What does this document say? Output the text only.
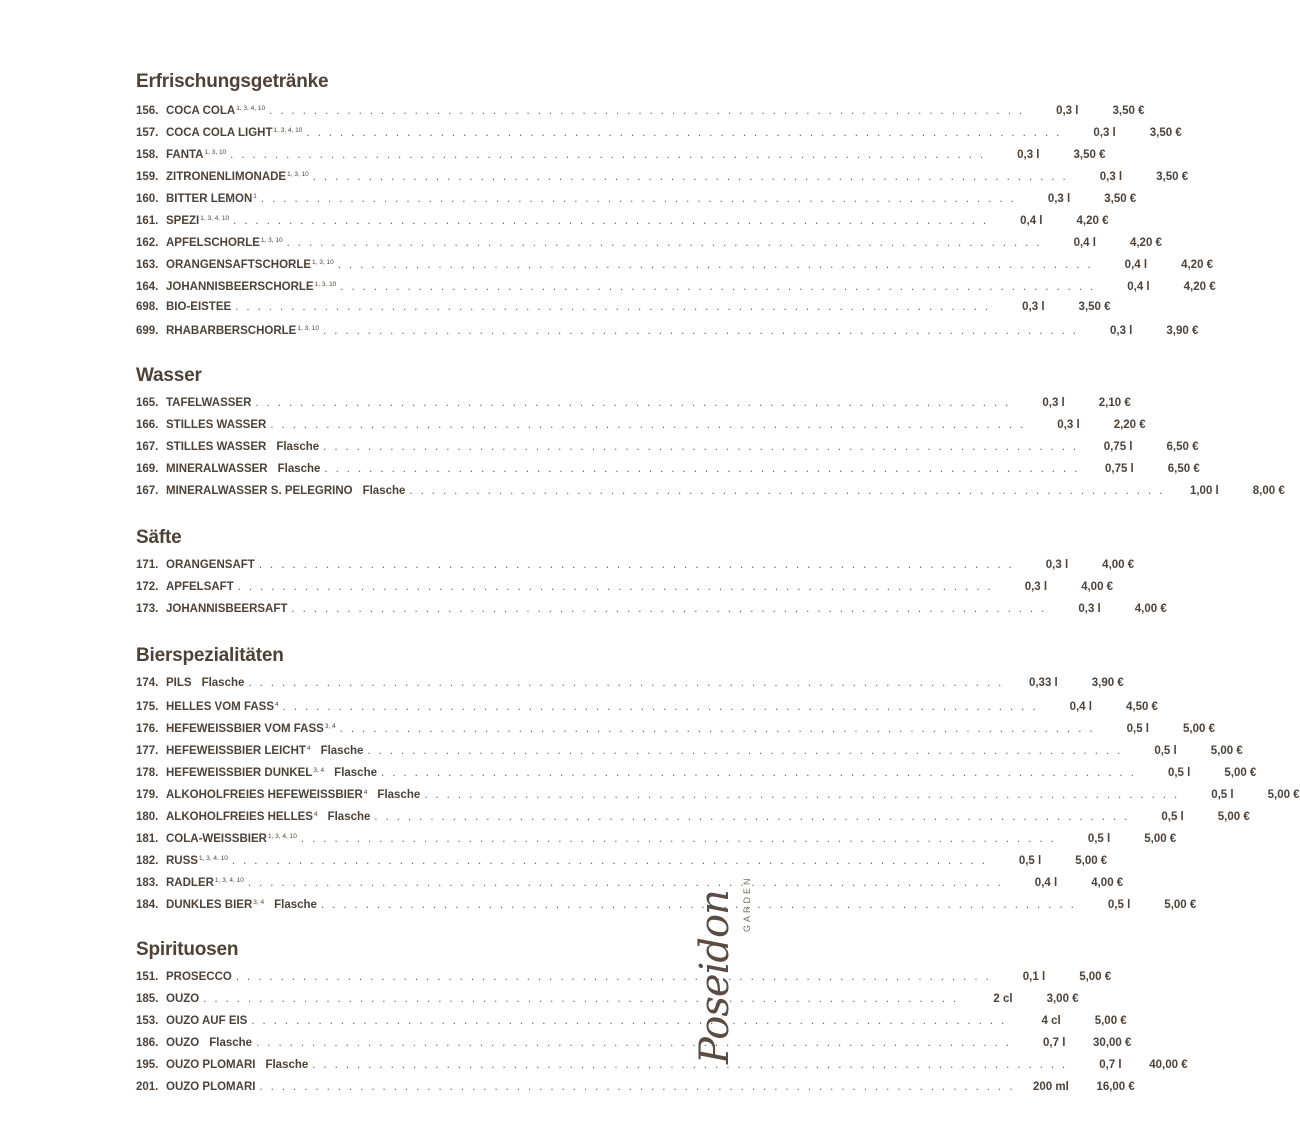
Erfrischungsgetränke
156. COCA COLA$^{1, 3, 4, 10}$ . . . . . . . . . . . . . . . . . . . . . . . . . . . . . . . . . . . . . . . . . . . . . . . . . . . . . . . . . . . . . . . . . . . .	0,3 l	3,50 €
157. COCA COLA LIGHT$^{1, 3, 4, 10}$ . . . . . . . . . . . . . . . . . . . . . . . . . . . . . . . . . . . . . . . . . . . . . . . . . . . . . . . . . . . . . . . . . . . .	0,3 l	3,50 €
158. FANTA$^{1, 3, 10}$ . . . . . . . . . . . . . . . . . . . . . . . . . . . . . . . . . . . . . . . . . . . . . . . . . . . . . . . . . . . . . . . . . . . .	0,3 l	3,50 €
159. ZITRONENLIMONADE$^{1, 3, 10}$ . . . . . . . . . . . . . . . . . . . . . . . . . . . . . . . . . . . . . . . . . . . . . . . . . . . . . . . . . . . . . . . . . . . .	0,3 l	3,50 €
160. BITTER LEMON$^1$ . . . . . . . . . . . . . . . . . . . . . . . . . . . . . . . . . . . . . . . . . . . . . . . . . . . . . . . . . . . . . . . . . . . .	0,3 l	3,50 €
161. SPEZI$^{1, 3, 4, 10}$ . . . . . . . . . . . . . . . . . . . . . . . . . . . . . . . . . . . . . . . . . . . . . . . . . . . . . . . . . . . . . . . . . . . .	0,4 l	4,20 €
162. APFELSCHORLE$^{1, 3, 10}$ . . . . . . . . . . . . . . . . . . . . . . . . . . . . . . . . . . . . . . . . . . . . . . . . . . . . . . . . . . . . . . . . . . . .	0,4 l	4,20 €
163. ORANGENSAFTSCHORLE$^{1, 3, 10}$ . . . . . . . . . . . . . . . . . . . . . . . . . . . . . . . . . . . . . . . . . . . . . . . . . . . . . . . . . . . . . . . . . . . .	0,4 l	4,20 €
164. JOHANNISBEERSCHORLE$^{1, 3, 10}$ . . . . . . . . . . . . . . . . . . . . . . . . . . . . . . . . . . . . . . . . . . . . . . . . . . . . . . . . . . . . . . . . . . . .	0,4 l	4,20 €
698. BIO-EISTEE . . . . . . . . . . . . . . . . . . . . . . . . . . . . . . . . . . . . . . . . . . . . . . . . . . . . . . . . . . . . . . . . . . . .	0,3 l	3,50 €
699. RHABARBERSCHORLE$^{1, 3, 10}$ . . . . . . . . . . . . . . . . . . . . . . . . . . . . . . . . . . . . . . . . . . . . . . . . . . . . . . . . . . . . . . . . . . . .	0,3 l	3,90 €
Wasser
165. TAFELWASSER . . . . . . . . . . . . . . . . . . . . . . . . . . . . . . . . . . . . . . . . . . . . . . . . . . . . . . . . . . . . . . . . . . . .	0,3 l	2,10 €
166. STILLES WASSER . . . . . . . . . . . . . . . . . . . . . . . . . . . . . . . . . . . . . . . . . . . . . . . . . . . . . . . . . . . . . . . . . . . .	0,3 l	2,20 €
167. STILLES WASSER Flasche . . . . . . . . . . . . . . . . . . . . . . . . . . . . . . . . . . . . . . . . . . . . . . . . . . . . . . . . . . . . . . . . . . . .	0,75 l	6,50 €
169. MINERALWASSER Flasche . . . . . . . . . . . . . . . . . . . . . . . . . . . . . . . . . . . . . . . . . . . . . . . . . . . . . . . . . . . . . . . . . . . .	0,75 l	6,50 €
167. MINERALWASSER S. PELEGRINO Flasche . . . . . . . . . . . . . . . . . . . . . . . . . . . . . . . . . . . . . . . . . . . . . . . . . . . . . . . . . . . . . . . . . . . .	1,00 l	8,00 €
Säfte
171. ORANGENSAFT . . . . . . . . . . . . . . . . . . . . . . . . . . . . . . . . . . . . . . . . . . . . . . . . . . . . . . . . . . . . . . . . . . . .	0,3 l	4,00 €
172. APFELSAFT . . . . . . . . . . . . . . . . . . . . . . . . . . . . . . . . . . . . . . . . . . . . . . . . . . . . . . . . . . . . . . . . . . . .	0,3 l	4,00 €
173. JOHANNISBEERSAFT . . . . . . . . . . . . . . . . . . . . . . . . . . . . . . . . . . . . . . . . . . . . . . . . . . . . . . . . . . . . . . . . . . . .	0,3 l	4,00 €
Bierspezialitäten
174. PILS Flasche . . . . . . . . . . . . . . . . . . . . . . . . . . . . . . . . . . . . . . . . . . . . . . . . . . . . . . . . . . . . . . . . . . . .	0,33 l	3,90 €
175. HELLES VOM FASS$^4$ . . . . . . . . . . . . . . . . . . . . . . . . . . . . . . . . . . . . . . . . . . . . . . . . . . . . . . . . . . . . . . . . . . . .	0,4 l	4,50 €
176. HEFEWEISSBIER VOM FASS$^{3, 4}$ . . . . . . . . . . . . . . . . . . . . . . . . . . . . . . . . . . . . . . . . . . . . . . . . . . . . . . . . . . . . . . . . . . . .	0,5 l	5,00 €
177. HEFEWEISSBIER LEICHT$^4$ Flasche . . . . . . . . . . . . . . . . . . . . . . . . . . . . . . . . . . . . . . . . . . . . . . . . . . . . . . . . . . . . . . . . . . . .	0,5 l	5,00 €
178. HEFEWEISSBIER DUNKEL$^{3, 4}$ Flasche . . . . . . . . . . . . . . . . . . . . . . . . . . . . . . . . . . . . . . . . . . . . . . . . . . . . . . . . . . . . . . . . . . . .	0,5 l	5,00 €
179. ALKOHOLFREIES HEFEWEISSBIER$^4$ Flasche . . . . . . . . . . . . . . . . . . . . . . . . . . . . . . . . . . . . . . . . . . . . . . . . . . . . . . . . . . . . . . . . . . . .	0,5 l	5,00 €
180. ALKOHOLFREIES HELLES$^4$ Flasche . . . . . . . . . . . . . . . . . . . . . . . . . . . . . . . . . . . . . . . . . . . . . . . . . . . . . . . . . . . . . . . . . . . .	0,5 l	5,00 €
181. COLA-WEISSBIER$^{1, 3, 4, 10}$ . . . . . . . . . . . . . . . . . . . . . . . . . . . . . . . . . . . . . . . . . . . . . . . . . . . . . . . . . . . . . . . . . . . .	0,5 l	5,00 €
182. RUSS$^{1, 3, 4, 10}$ . . . . . . . . . . . . . . . . . . . . . . . . . . . . . . . . . . . . . . . . . . . . . . . . . . . . . . . . . . . . . . . . . . . .	0,5 l	5,00 €
183. RADLER$^{1, 3, 4, 10}$ . . . . . . . . . . . . . . . . . . . . . . . . . . . . . . . . . . . . . . . . . . . . . . . . . . . . . . . . . . . . . . . . . . . .	0,4 l	4,00 €
184. DUNKLES BIER$^{3, 4}$ Flasche . . . . . . . . . . . . . . . . . . . . . . . . . . . . . . . . . . . . . . . . . . . . . . . . . . . . . . . . . . . . . . . . . . . .	0,5 l	5,00 €
Spirituosen
151. PROSECCO . . . . . . . . . . . . . . . . . . . . . . . . . . . . . . . . . . . . . . . . . . . . . . . . . . . . . . . . . . . . . . . . . . . .	0,1 l	5,00 €
185. OUZO . . . . . . . . . . . . . . . . . . . . . . . . . . . . . . . . . . . . . . . . . . . . . . . . . . . . . . . . . . . . . . . . . . . .	2 cl	3,00 €
153. OUZO AUF EIS . . . . . . . . . . . . . . . . . . . . . . . . . . . . . . . . . . . . . . . . . . . . . . . . . . . . . . . . . . . . . . . . . . . .	4 cl	5,00 €
186. OUZO Flasche . . . . . . . . . . . . . . . . . . . . . . . . . . . . . . . . . . . . . . . . . . . . . . . . . . . . . . . . . . . . . . . . . . . .	0,7 l	30,00 €
195. OUZO PLOMARI Flasche . . . . . . . . . . . . . . . . . . . . . . . . . . . . . . . . . . . . . . . . . . . . . . . . . . . . . . . . . . . . . . . . . . . .	0,7 l	40,00 €
201. OUZO PLOMARI . . . . . . . . . . . . . . . . . . . . . . . . . . . . . . . . . . . . . . . . . . . . . . . . . . . . . . . . . . . . . . . . . . . .	200 ml	16,00 €
Poseidon GARDEN
